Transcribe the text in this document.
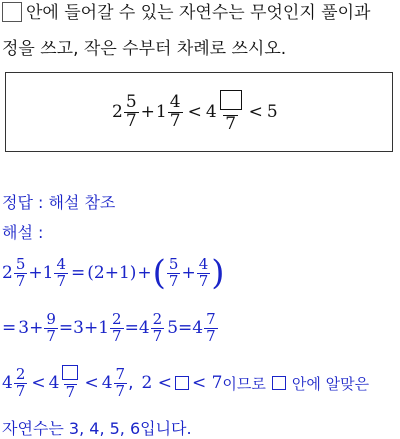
안에 들어갈 수 있는 자연수는 무엇인지 풀이과
정을 쓰고, 작은 수부터 차례로 쓰시오.
$2 \frac{5}{7} + 1 \frac{4}{7} < 4$
7
< 5
정답 : 해설 참조
해설 :
$2 \frac{5}{7} + 1 \frac{4}{7} = (2+1)$ + ( $\frac{5}{7} + \frac{4}{7}$ )
= $3 + \frac{9}{7} = 3 + 1 \frac{2}{7} = 4 \frac{2}{7} 5 = 4 \frac{7}{7}$
$4 \frac{2}{7} < 4$ $7 < 4 \frac{7}{7}$ , 2 < < 7 이므로 안에 알맞은
자연수는 3, 4, 5, 6입니다.
